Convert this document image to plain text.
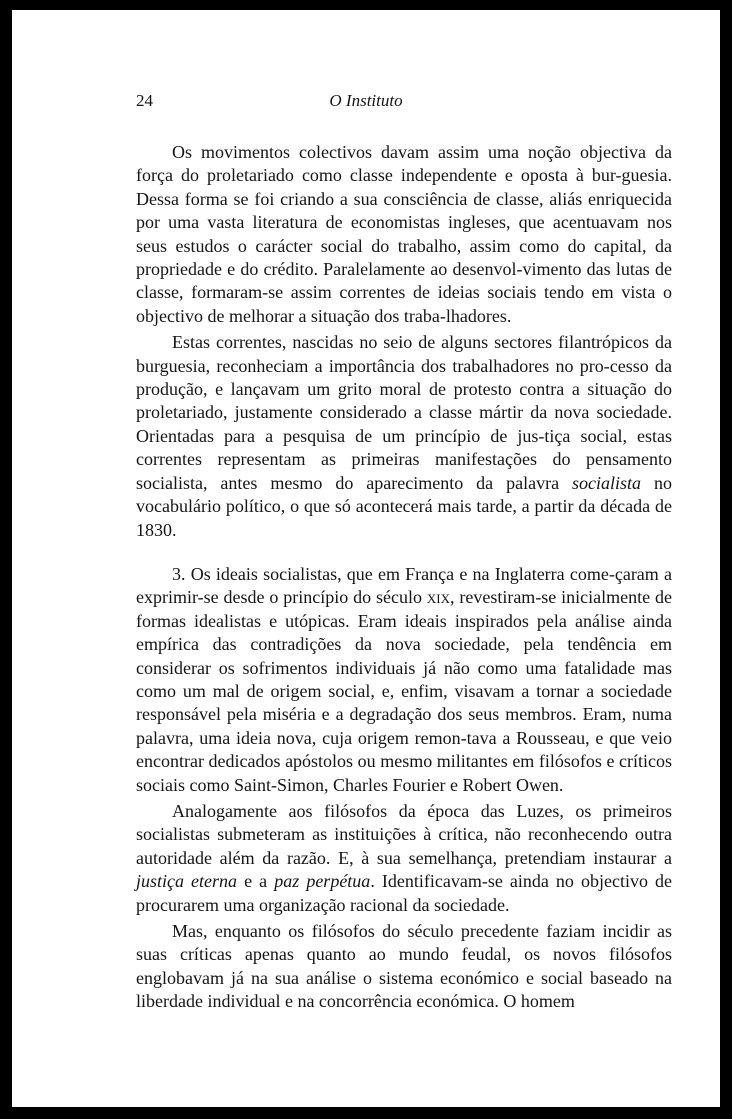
24	O Instituto

Os movimentos colectivos davam assim uma noção objectiva da força do proletariado como classe independente e oposta à bur-guesia. Dessa forma se foi criando a sua consciência de classe, aliás enriquecida por uma vasta literatura de economistas ingleses, que acentuavam nos seus estudos o carácter social do trabalho, assim como do capital, da propriedade e do crédito. Paralelamente ao desenvol-vimento das lutas de classe, formaram-se assim correntes de ideias sociais tendo em vista o objectivo de melhorar a situação dos traba-lhadores.

Estas correntes, nascidas no seio de alguns sectores filantrópicos da burguesia, reconheciam a importância dos trabalhadores no pro-cesso da produção, e lançavam um grito moral de protesto contra a situação do proletariado, justamente considerado a classe mártir da nova sociedade. Orientadas para a pesquisa de um princípio de jus-tiça social, estas correntes representam as primeiras manifestações do pensamento socialista, antes mesmo do aparecimento da palavra socialista no vocabulário político, o que só acontecerá mais tarde, a partir da década de 1830.

3. Os ideais socialistas, que em França e na Inglaterra come-çaram a exprimir-se desde o princípio do século xix, revestiram-se inicialmente de formas idealistas e utópicas. Eram ideais inspirados pela análise ainda empírica das contradições da nova sociedade, pela tendência em considerar os sofrimentos individuais já não como uma fatalidade mas como um mal de origem social, e, enfim, visavam a tornar a sociedade responsável pela miséria e a degradação dos seus membros. Eram, numa palavra, uma ideia nova, cuja origem remon-tava a Rousseau, e que veio encontrar dedicados apóstolos ou mesmo militantes em filósofos e críticos sociais como Saint-Simon, Charles Fourier e Robert Owen.

Analogamente aos filósofos da época das Luzes, os primeiros socialistas submeteram as instituições à crítica, não reconhecendo outra autoridade além da razão. E, à sua semelhança, pretendiam instaurar a justiça eterna e a paz perpétua. Identificavam-se ainda no objectivo de procurarem uma organização racional da sociedade.

Mas, enquanto os filósofos do século precedente faziam incidir as suas críticas apenas quanto ao mundo feudal, os novos filósofos englobavam já na sua análise o sistema económico e social baseado na liberdade individual e na concorrência económica. O homem
